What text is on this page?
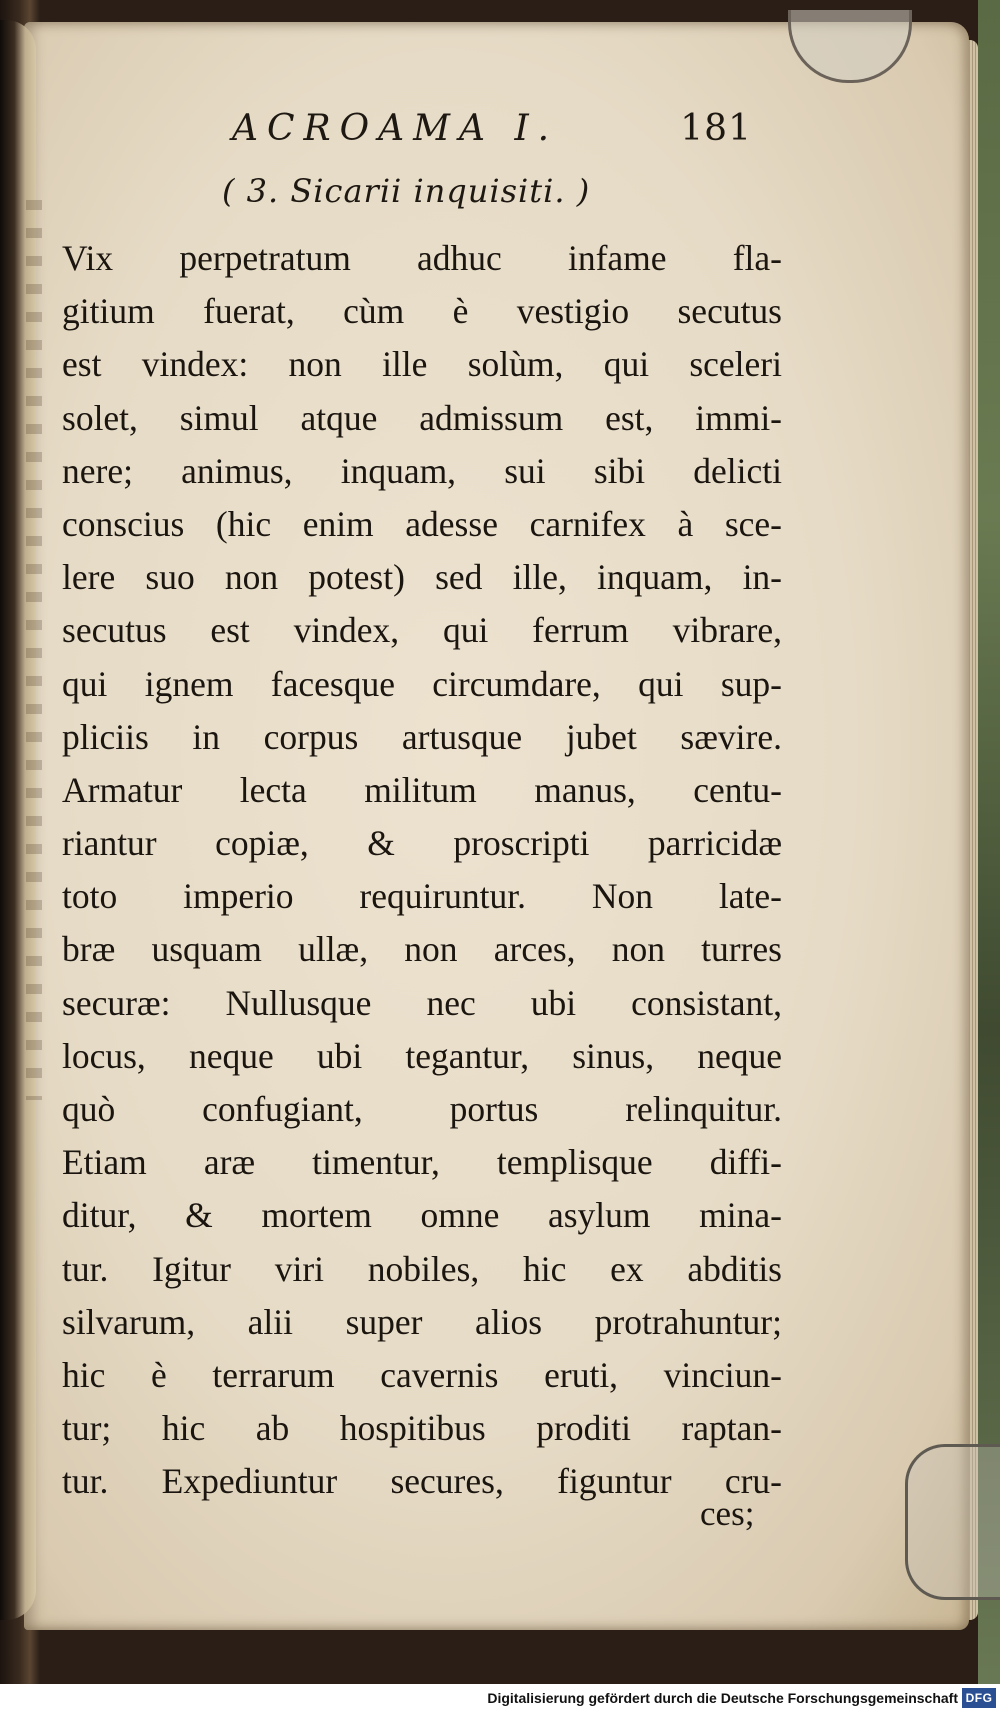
ACROAMA I.	181
( 3. Sicarii inquisiti. )
Vix perpetratum adhuc infame fla-
gitium fuerat, cùm è vestigio secutus
est vindex: non ille solùm, qui sceleri
solet, simul atque admissum est, immi-
nere; animus, inquam, sui sibi delicti
conscius (hic enim adesse carnifex à sce-
lere suo non potest) sed ille, inquam, in-
secutus est vindex, qui ferrum vibrare,
qui ignem facesque circumdare, qui sup-
pliciis in corpus artusque jubet sævire.
Armatur lecta militum manus, centu-
riantur copiæ, & proscripti parricidæ
toto imperio requiruntur. Non late-
bræ usquam ullæ, non arces, non turres
securæ: Nullusque nec ubi consistant,
locus, neque ubi tegantur, sinus, neque
quò confugiant, portus relinquitur.
Etiam aræ timentur, templisque diffi-
ditur, & mortem omne asylum mina-
tur. Igitur viri nobiles, hic ex abditis
silvarum, alii super alios protrahuntur;
hic è terrarum cavernis eruti, vinciun-
tur; hic ab hospitibus proditi raptan-
tur. Expediuntur secures, figuntur cru-
ces;
Digitalisierung gefördert durch die Deutsche Forschungsgemeinschaft DFG
